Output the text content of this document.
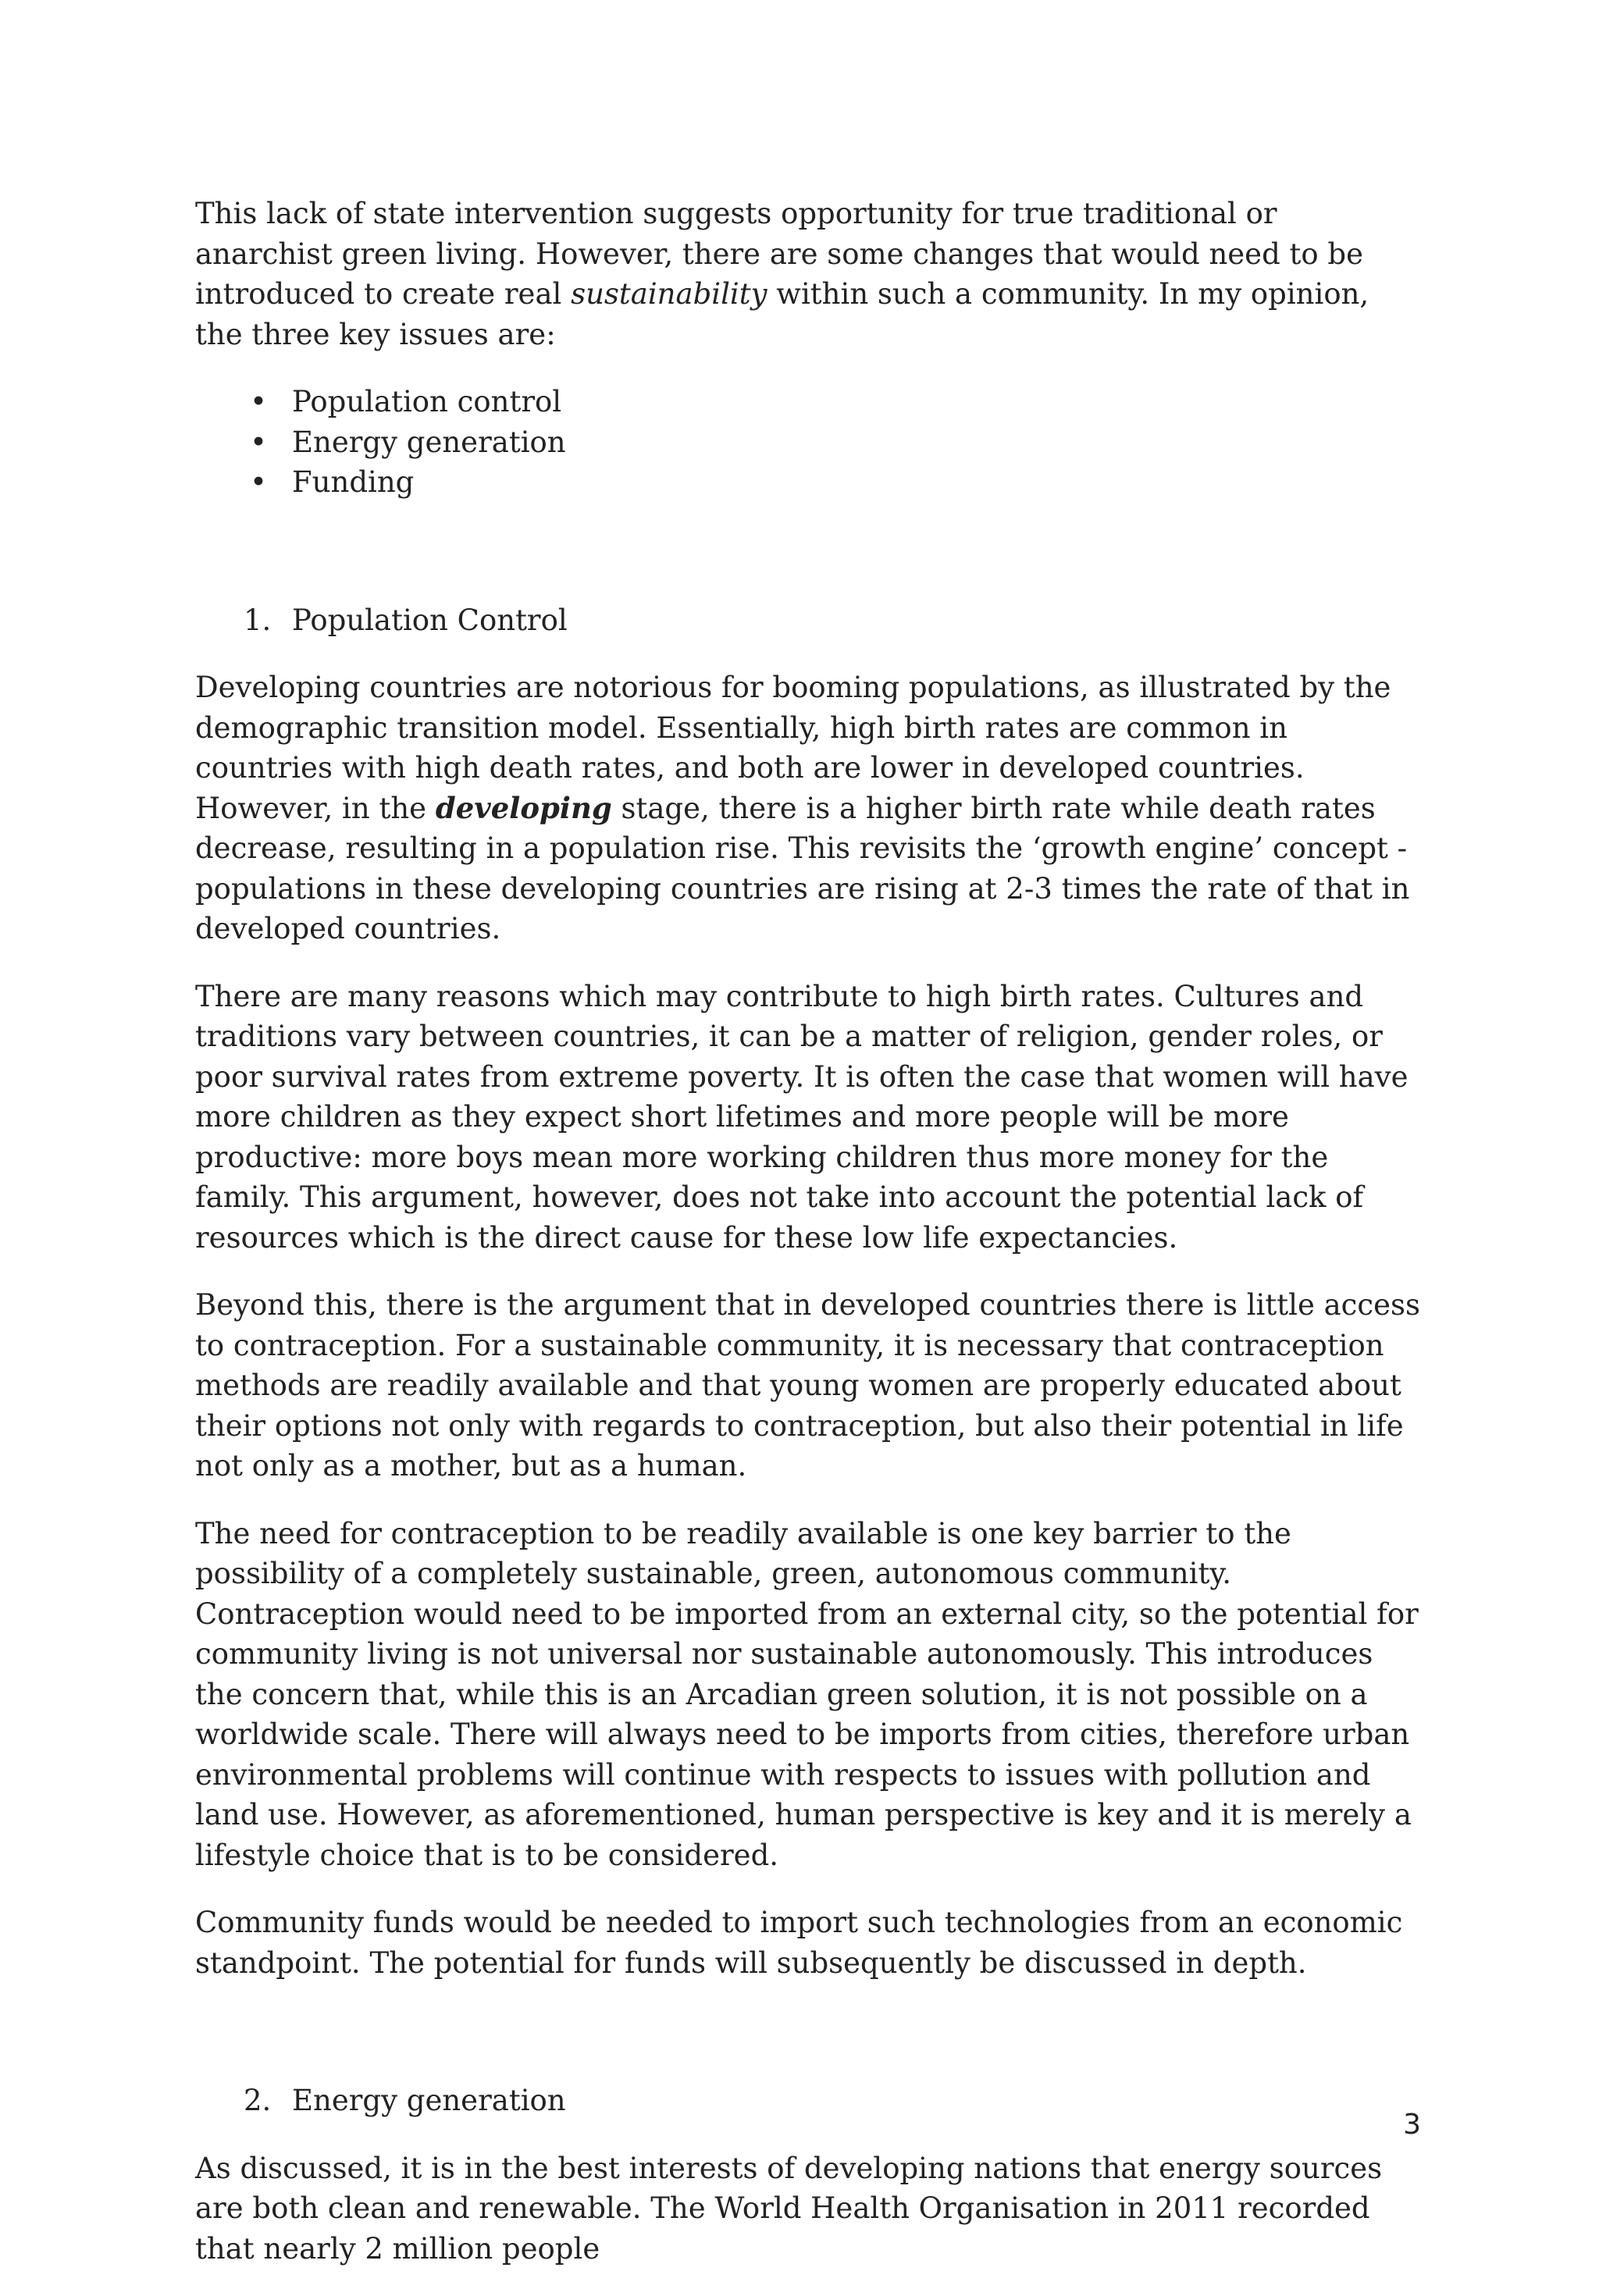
This lack of state intervention suggests opportunity for true traditional or anarchist green living. However, there are some changes that would need to be introduced to create real sustainability within such a community. In my opinion, the three key issues are:

• Population control
• Energy generation
• Funding
1. Population Control

Developing countries are notorious for booming populations, as illustrated by the demographic transition model. Essentially, high birth rates are common in countries with high death rates, and both are lower in developed countries. However, in the developing stage, there is a higher birth rate while death rates decrease, resulting in a population rise. This revisits the ‘growth engine’ concept - populations in these developing countries are rising at 2-3 times the rate of that in developed countries.

There are many reasons which may contribute to high birth rates. Cultures and traditions vary between countries, it can be a matter of religion, gender roles, or poor survival rates from extreme poverty. It is often the case that women will have more children as they expect short lifetimes and more people will be more productive: more boys mean more working children thus more money for the family. This argument, however, does not take into account the potential lack of resources which is the direct cause for these low life expectancies.

Beyond this, there is the argument that in developed countries there is little access to contraception. For a sustainable community, it is necessary that contraception methods are readily available and that young women are properly educated about their options not only with regards to contraception, but also their potential in life not only as a mother, but as a human.

The need for contraception to be readily available is one key barrier to the possibility of a completely sustainable, green, autonomous community. Contraception would need to be imported from an external city, so the potential for community living is not universal nor sustainable autonomously. This introduces the concern that, while this is an Arcadian green solution, it is not possible on a worldwide scale. There will always need to be imports from cities, therefore urban environmental problems will continue with respects to issues with pollution and land use. However, as aforementioned, human perspective is key and it is merely a lifestyle choice that is to be considered.

Community funds would be needed to import such technologies from an economic standpoint. The potential for funds will subsequently be discussed in depth.

2. Energy generation

As discussed, it is in the best interests of developing nations that energy sources are both clean and renewable. The World Health Organisation in 2011 recorded that nearly 2 million people

3
